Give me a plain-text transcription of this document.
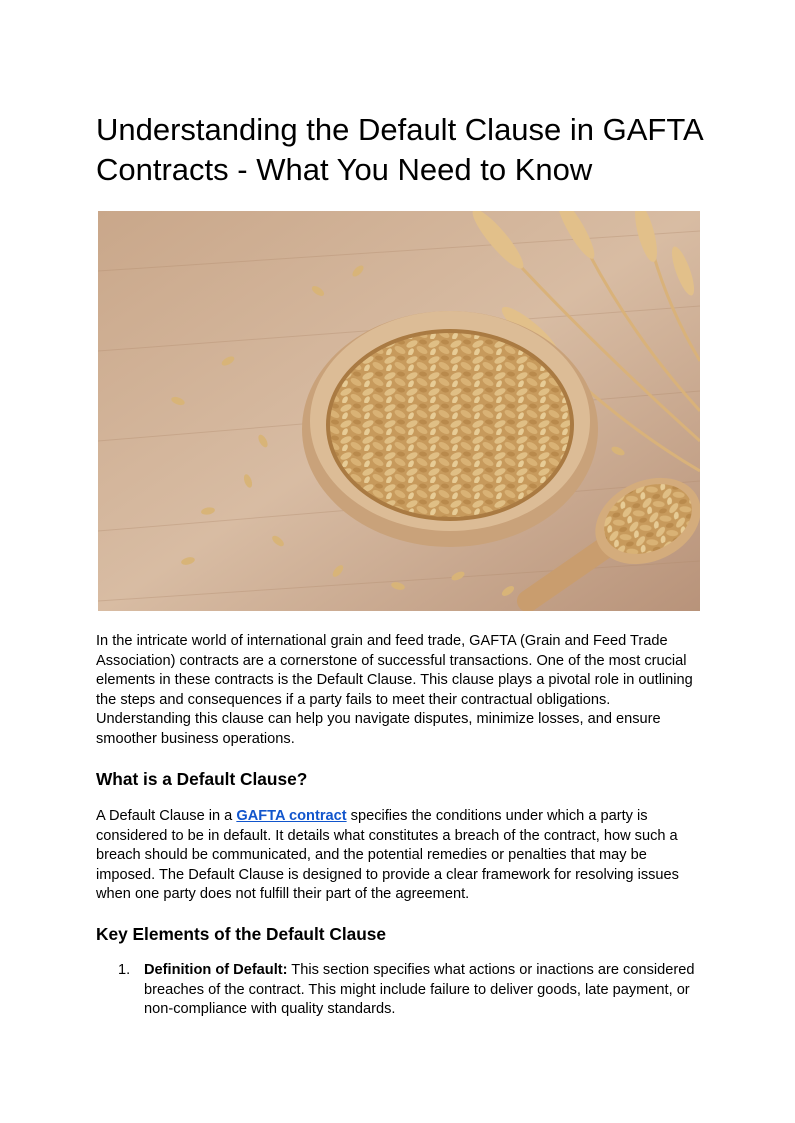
Understanding the Default Clause in GAFTA Contracts - What You Need to Know

In the intricate world of international grain and feed trade, GAFTA (Grain and Feed Trade Association) contracts are a cornerstone of successful transactions. One of the most crucial elements in these contracts is the Default Clause. This clause plays a pivotal role in outlining the steps and consequences if a party fails to meet their contractual obligations. Understanding this clause can help you navigate disputes, minimize losses, and ensure smoother business operations.

What is a Default Clause?

A Default Clause in a GAFTA contract specifies the conditions under which a party is considered to be in default. It details what constitutes a breach of the contract, how such a breach should be communicated, and the potential remedies or penalties that may be imposed. The Default Clause is designed to provide a clear framework for resolving issues when one party does not fulfill their part of the agreement.

Key Elements of the Default Clause
1. Definition of Default: This section specifies what actions or inactions are considered breaches of the contract. This might include failure to deliver goods, late payment, or non-compliance with quality standards.
